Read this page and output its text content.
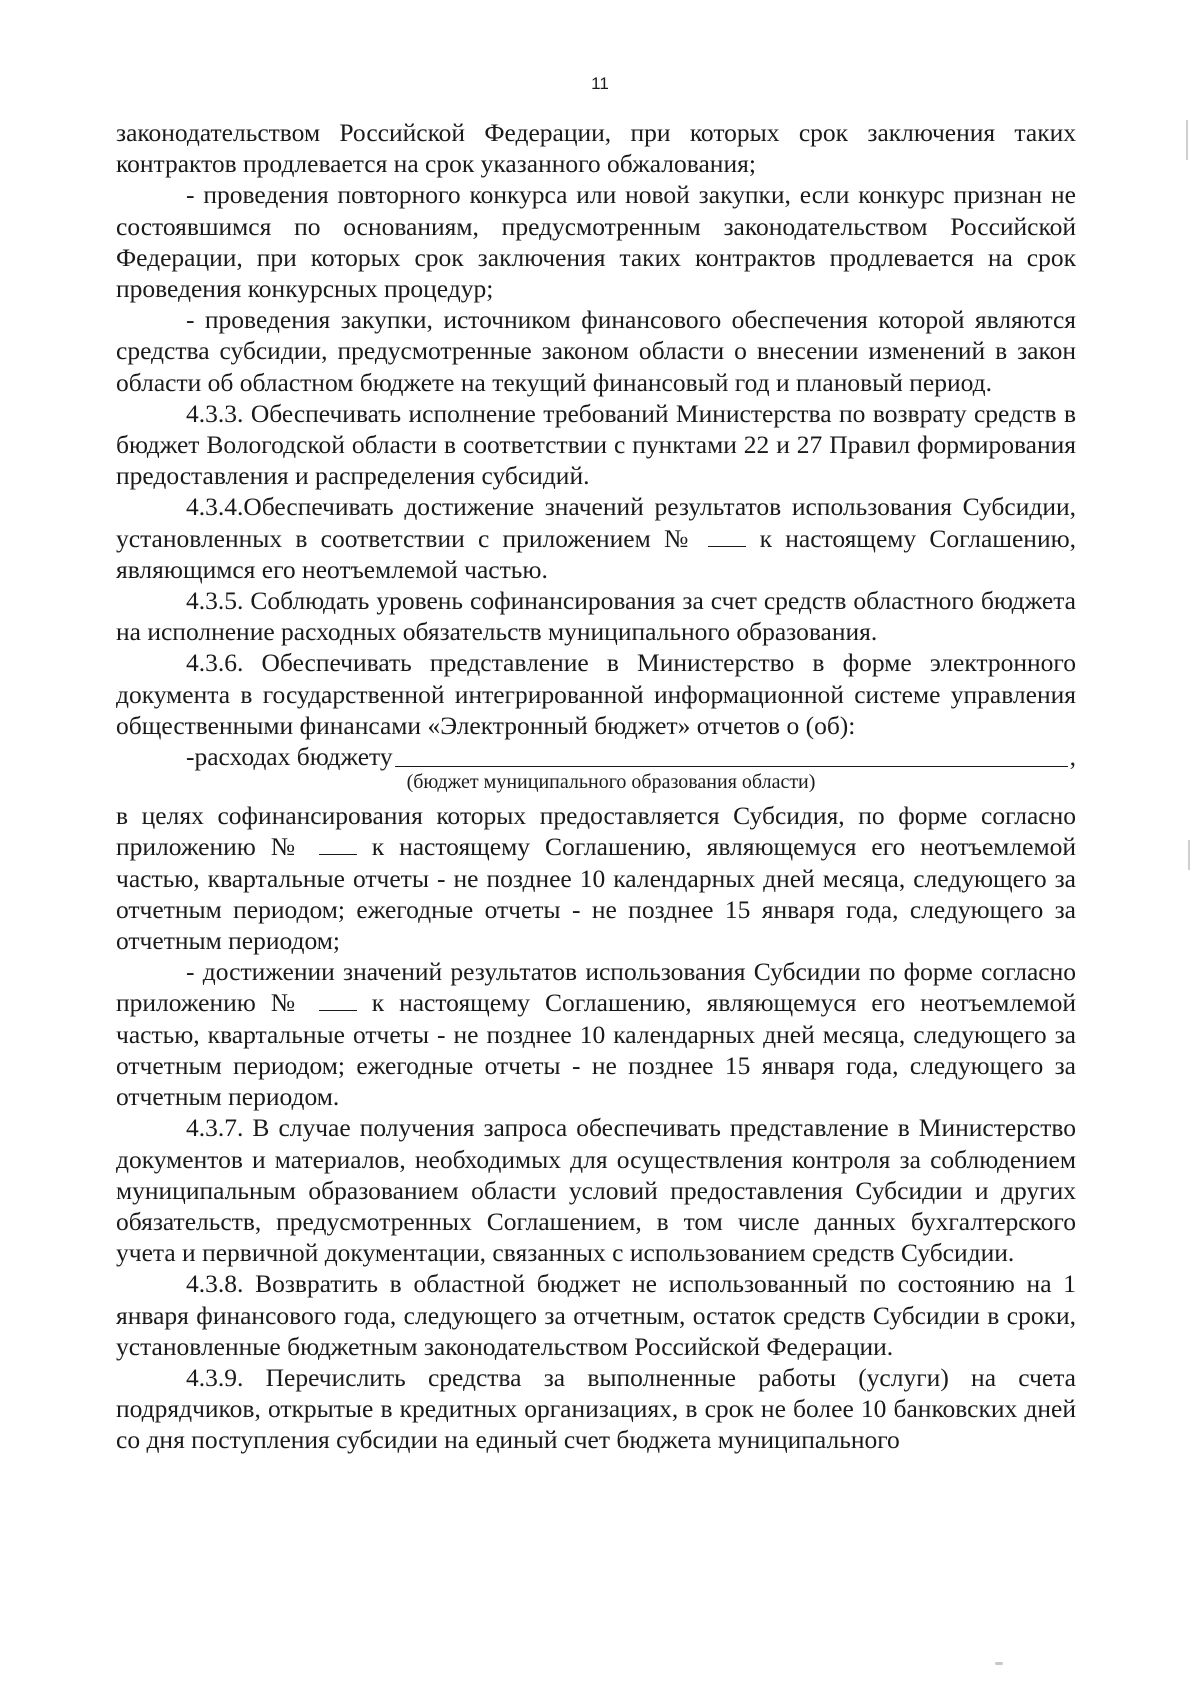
11

законодательством Российской Федерации, при которых срок заключения таких контрактов продлевается на срок указанного обжалования;

- проведения повторного конкурса или новой закупки, если конкурс признан не состоявшимся по основаниям, предусмотренным законодательством Российской Федерации, при которых срок заключения таких контрактов продлевается на срок проведения конкурсных процедур;

- проведения закупки, источником финансового обеспечения которой являются средства субсидии, предусмотренные законом области о внесении изменений в закон области об областном бюджете на текущий финансовый год и плановый период.

4.3.3. Обеспечивать исполнение требований Министерства по возврату средств в бюджет Вологодской области в соответствии с пунктами 22 и 27 Правил формирования предоставления и распределения субсидий.

4.3.4.Обеспечивать достижение значений результатов использования Субсидии, установленных в соответствии с приложением №	к настоящему Соглашению, являющимся его неотъемлемой частью.

4.3.5. Соблюдать уровень софинансирования за счет средств областного бюджета на исполнение расходных обязательств муниципального образования.

4.3.6. Обеспечивать представление в Министерство в форме электронного документа в государственной интегрированной информационной системе управления общественными финансами «Электронный бюджет» отчетов о (об):

-расходах бюджету	,
(бюджет муниципального образования области)

в целях софинансирования которых предоставляется Субсидия, по форме согласно приложению №	к настоящему Соглашению, являющемуся его неотъемлемой частью, квартальные отчеты - не позднее 10 календарных дней месяца, следующего за отчетным периодом; ежегодные отчеты - не позднее 15 января года, следующего за отчетным периодом;

- достижении значений результатов использования Субсидии по форме согласно приложению №	к настоящему Соглашению, являющемуся его неотъемлемой частью, квартальные отчеты - не позднее 10 календарных дней месяца, следующего за отчетным периодом; ежегодные отчеты - не позднее 15 января года, следующего за отчетным периодом.

4.3.7. В случае получения запроса обеспечивать представление в Министерство документов и материалов, необходимых для осуществления контроля за соблюдением муниципальным образованием области условий предоставления Субсидии и других обязательств, предусмотренных Соглашением, в том числе данных бухгалтерского учета и первичной документации, связанных с использованием средств Субсидии.

4.3.8. Возвратить в областной бюджет не использованный по состоянию на 1 января финансового года, следующего за отчетным, остаток средств Субсидии в сроки, установленные бюджетным законодательством Российской Федерации.

4.3.9. Перечислить средства за выполненные работы (услуги) на счета подрядчиков, открытые в кредитных организациях, в срок не более 10 банковских дней со дня поступления субсидии на единый счет бюджета муниципального
